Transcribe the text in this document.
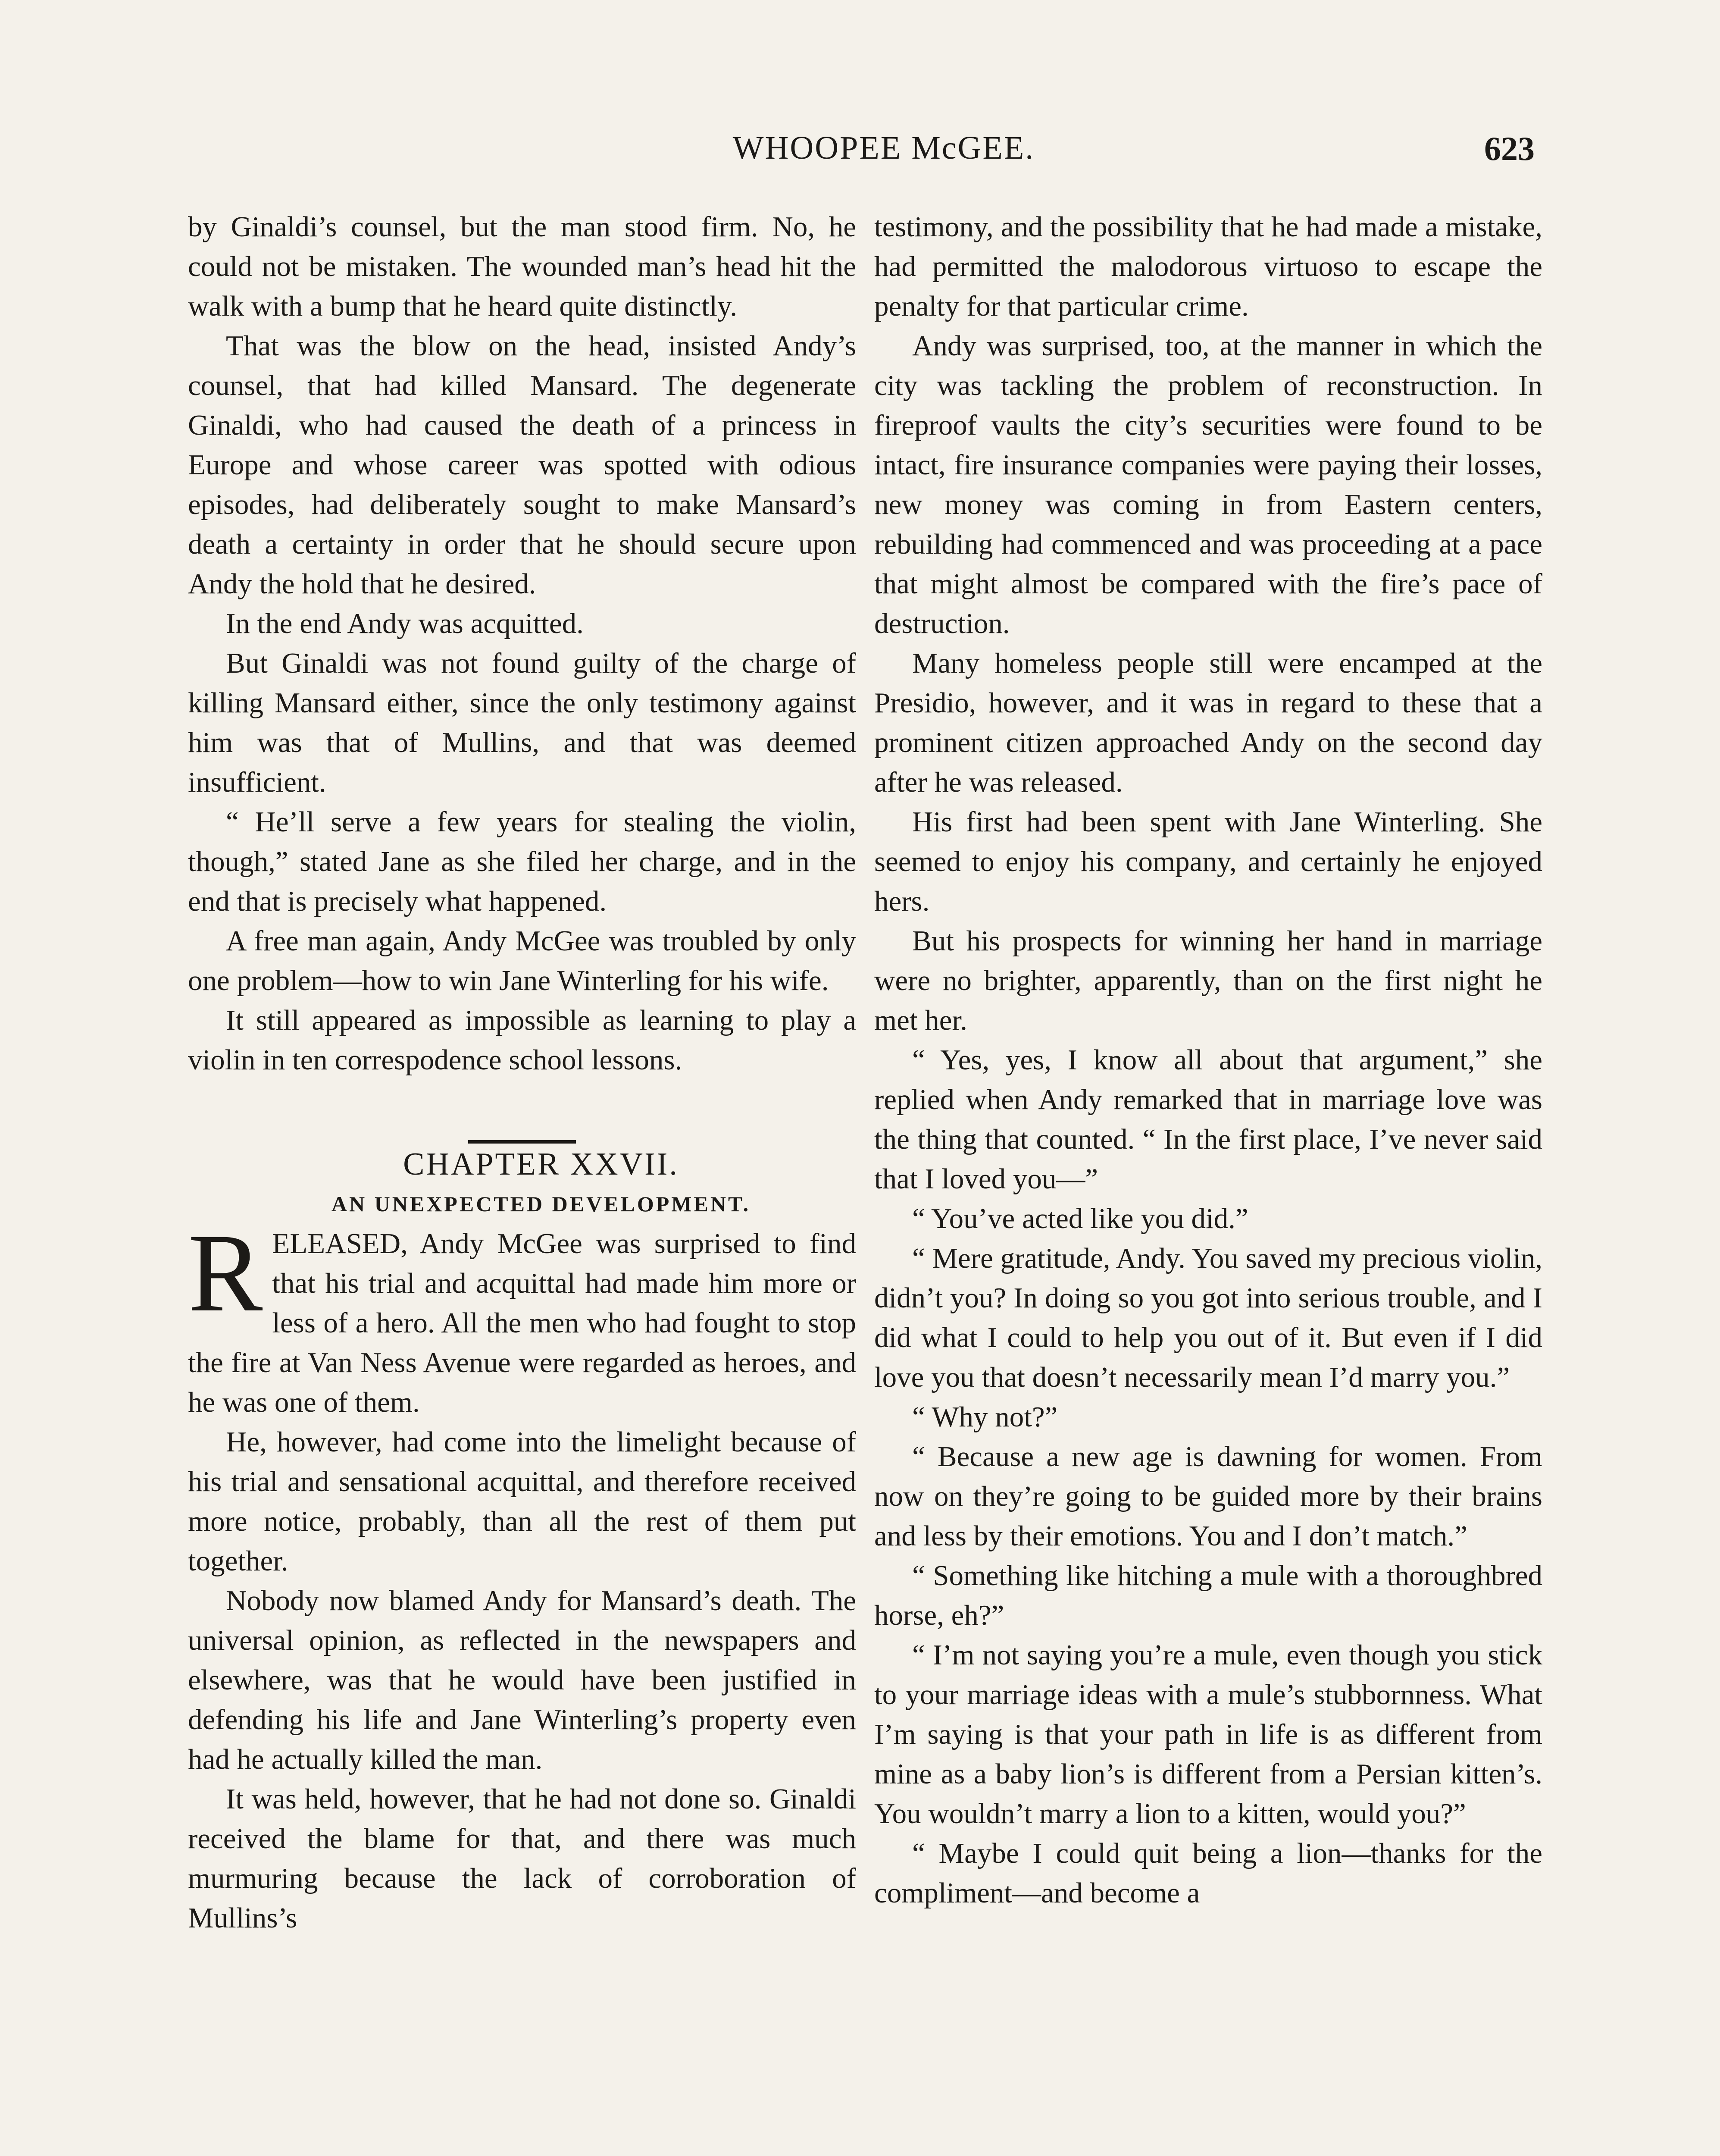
WHOOPEE McGEE.	623

by Ginaldi’s counsel, but the man stood firm. No, he could not be mistaken. The wounded man’s head hit the walk with a bump that he heard quite distinctly.

That was the blow on the head, insisted Andy’s counsel, that had killed Mansard. The degenerate Ginaldi, who had caused the death of a princess in Europe and whose career was spotted with odious episodes, had deliberately sought to make Mansard’s death a certainty in order that he should secure upon Andy the hold that he desired.

In the end Andy was acquitted.

But Ginaldi was not found guilty of the charge of killing Mansard either, since the only testimony against him was that of Mullins, and that was deemed insufficient.

“ He’ll serve a few years for stealing the violin, though,” stated Jane as she filed her charge, and in the end that is precisely what happened.

A free man again, Andy McGee was troubled by only one problem—how to win Jane Winterling for his wife.

It still appeared as impossible as learning to play a violin in ten correspodence school lessons.

CHAPTER XXVII.

AN UNEXPECTED DEVELOPMENT.

RELEASED, Andy McGee was surprised to find that his trial and acquittal had made him more or less of a hero. All the men who had fought to stop the fire at Van Ness Avenue were regarded as heroes, and he was one of them.

He, however, had come into the limelight because of his trial and sensational acquittal, and therefore received more notice, probably, than all the rest of them put together.

Nobody now blamed Andy for Mansard’s death. The universal opinion, as reflected in the newspapers and elsewhere, was that he would have been justified in defending his life and Jane Winterling’s property even had he actually killed the man.

It was held, however, that he had not done so. Ginaldi received the blame for that, and there was much murmuring because the lack of corroboration of Mullins’s

testimony, and the possibility that he had made a mistake, had permitted the malodorous virtuoso to escape the penalty for that particular crime.

Andy was surprised, too, at the manner in which the city was tackling the problem of reconstruction. In fireproof vaults the city’s securities were found to be intact, fire insurance companies were paying their losses, new money was coming in from Eastern centers, rebuilding had commenced and was proceeding at a pace that might almost be compared with the fire’s pace of destruction.

Many homeless people still were encamped at the Presidio, however, and it was in regard to these that a prominent citizen approached Andy on the second day after he was released.

His first had been spent with Jane Winterling. She seemed to enjoy his company, and certainly he enjoyed hers.

But his prospects for winning her hand in marriage were no brighter, apparently, than on the first night he met her.

“ Yes, yes, I know all about that argument,” she replied when Andy remarked that in marriage love was the thing that counted. “ In the first place, I’ve never said that I loved you—”

“ You’ve acted like you did.”

“ Mere gratitude, Andy. You saved my precious violin, didn’t you? In doing so you got into serious trouble, and I did what I could to help you out of it. But even if I did love you that doesn’t necessarily mean I’d marry you.”

“ Why not?”

“ Because a new age is dawning for women. From now on they’re going to be guided more by their brains and less by their emotions. You and I don’t match.”

“ Something like hitching a mule with a thoroughbred horse, eh?”

“ I’m not saying you’re a mule, even though you stick to your marriage ideas with a mule’s stubbornness. What I’m saying is that your path in life is as different from mine as a baby lion’s is different from a Persian kitten’s. You wouldn’t marry a lion to a kitten, would you?”

“ Maybe I could quit being a lion—thanks for the compliment—and become a
